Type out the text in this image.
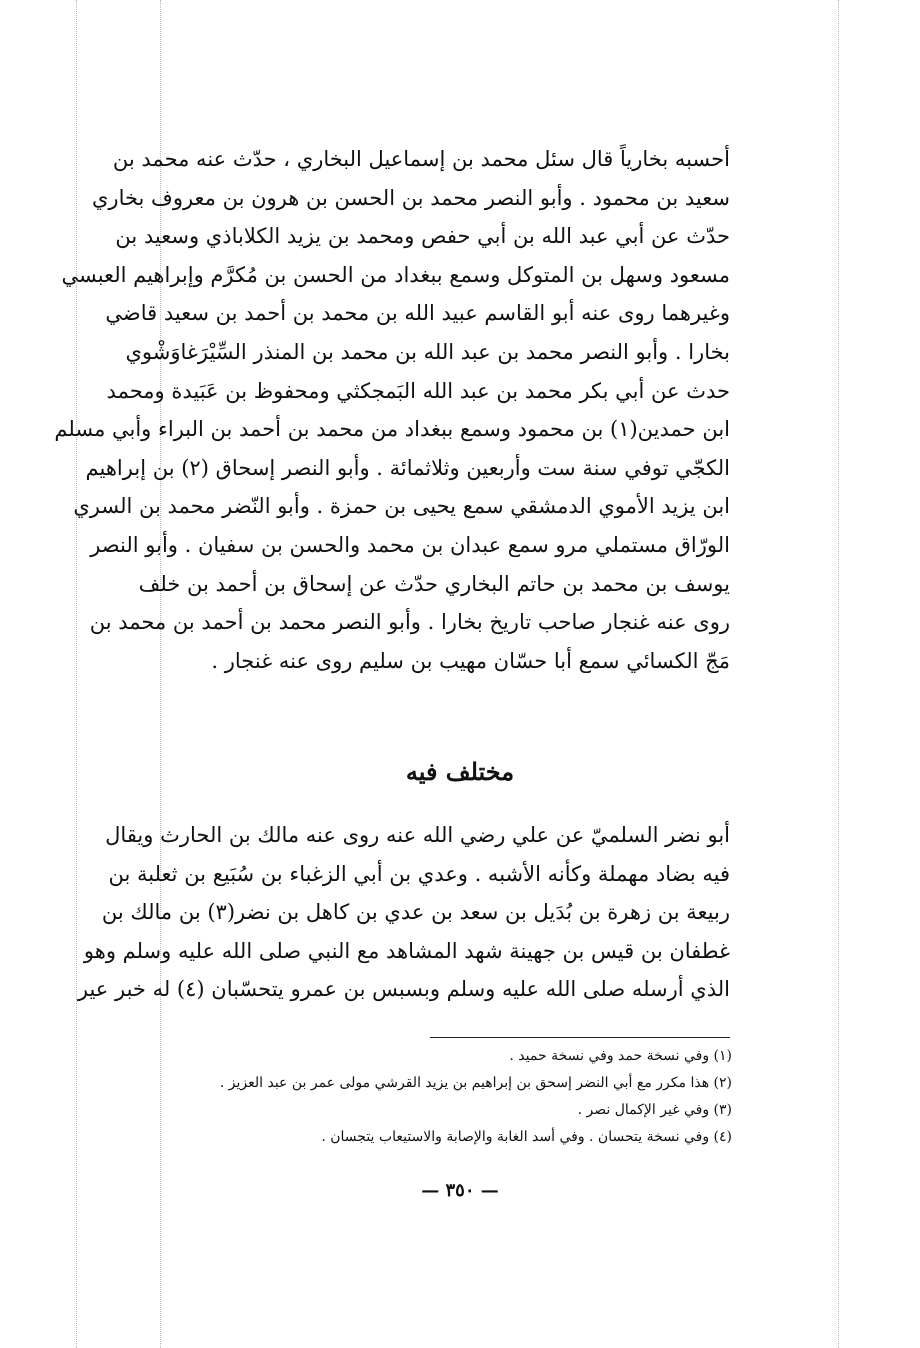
أحسبه بخارياً قال سئل محمد بن إسماعيل البخاري ، حدّث عنه محمد بن
سعيد بن محمود . وأبو النصر محمد بن الحسن بن هرون بن معروف بخاري
حدّث عن أبي عبد الله بن أبي حفص ومحمد بن يزيد الكلاباذي وسعيد بن
مسعود وسهل بن المتوكل وسمع ببغداد من الحسن بن مُكرَّم وإبراهيم العبسي
وغيرهما روى عنه أبو القاسم عبيد الله بن محمد بن أحمد بن سعيد قاضي
بخارا . وأبو النصر محمد بن عبد الله بن محمد بن المنذر السِّيْرَغاوَشْوي
حدث عن أبي بكر محمد بن عبد الله البَمجكثي ومحفوظ بن عَبَيدة ومحمد
ابن حمدين(١) بن محمود وسمع ببغداد من محمد بن أحمد بن البراء وأبي مسلم
الكجّي توفي سنة ست وأربعين وثلاثمائة . وأبو النصر إسحاق (٢) بن إبراهيم
ابن يزيد الأموي الدمشقي سمع يحيى بن حمزة . وأبو النّضر محمد بن السري
الورّاق مستملي مرو سمع عبدان بن محمد والحسن بن سفيان . وأبو النصر
يوسف بن محمد بن حاتم البخاري حدّث عن إسحاق بن أحمد بن خلف
روى عنه غنجار صاحب تاريخ بخارا . وأبو النصر محمد بن أحمد بن محمد بن
مَجّ الكسائي سمع أبا حسّان مهيب بن سليم روى عنه غنجار .
مختلف فيه
أبو نضر السلميّ عن علي رضي الله عنه روى عنه مالك بن الحارث ويقال
فيه بضاد مهملة وكأنه الأشبه . وعدي بن أبي الزغباء بن سُبَيع بن ثعلبة بن
ربيعة بن زهرة بن بُدَيل بن سعد بن عدي بن كاهل بن نضر(٣) بن مالك بن
غطفان بن قيس بن جهينة شهد المشاهد مع النبي صلى الله عليه وسلم وهو
الذي أرسله صلى الله عليه وسلم وبسبس بن عمرو يتحسّبان (٤) له خبر عير
(١) وفي نسخة حمد وفي نسخة حميد .
(٢) هذا مكرر مع أبي النضر إسحق بن إبراهيم بن يزيد القرشي مولى عمر بن عبد العزيز .
(٣) وفي غير الإكمال نصر .
(٤) وفي نسخة يتحسان . وفي أسد الغابة والإصابة والاستيعاب يتجسان .
— ٣٥٠ —
